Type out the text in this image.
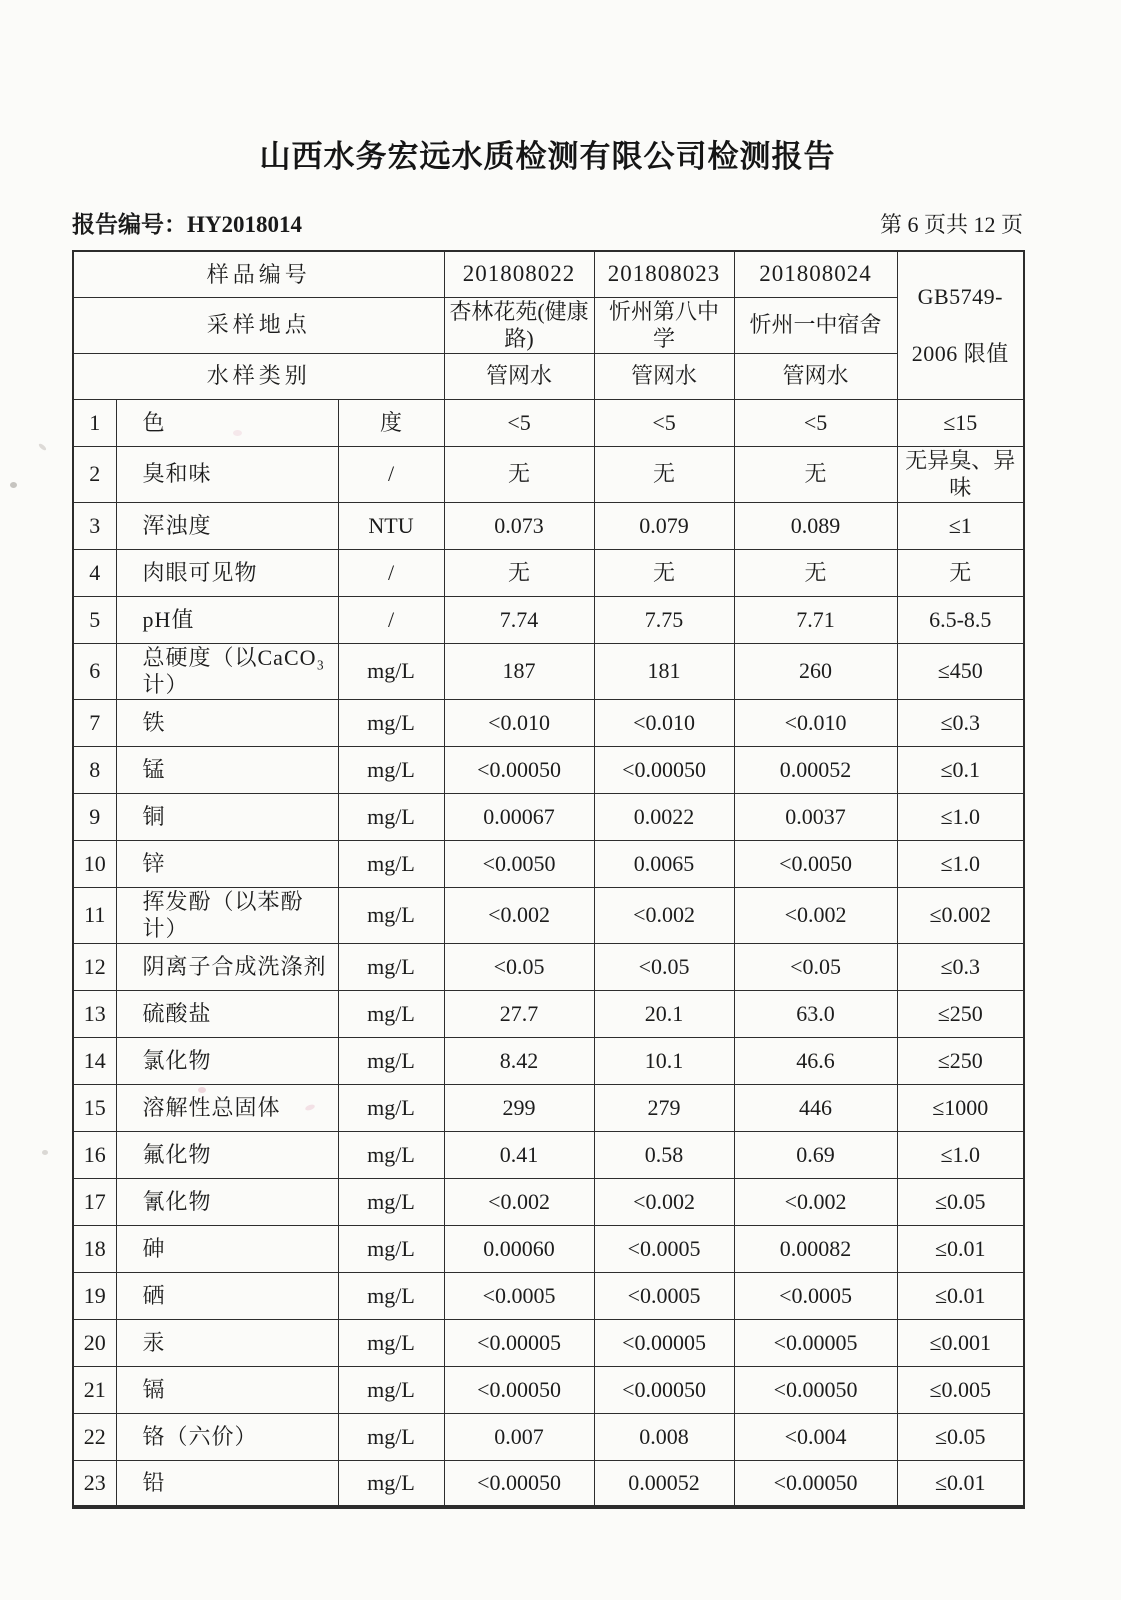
山西水务宏远水质检测有限公司检测报告
报告编号：HY2018014	第 6 页共 12 页
样品编号			201808022	201808023	201808024	GB5749-
2006 限值

采样地点			杏林花苑(健康路)	忻州第八中学	忻州一中宿舍	
水样类别			管网水	管网水	管网水	
1	色	度	<5	<5	<5	≤15
2	臭和味	/	无	无	无	无异臭、异味
3	浑浊度	NTU	0.073	0.079	0.089	≤1
4	肉眼可见物	/	无	无	无	无
5	pH值	/	7.74	7.75	7.71	6.5-8.5
6	总硬度（以CaCO₃计）	mg/L	187	181	260	≤450
7	铁	mg/L	<0.010	<0.010	<0.010	≤0.3
8	锰	mg/L	<0.00050	<0.00050	0.00052	≤0.1
9	铜	mg/L	0.00067	0.0022	0.0037	≤1.0
10	锌	mg/L	<0.0050	0.0065	<0.0050	≤1.0
11	挥发酚（以苯酚计）	mg/L	<0.002	<0.002	<0.002	≤0.002
12	阴离子合成洗涤剂	mg/L	<0.05	<0.05	<0.05	≤0.3
13	硫酸盐	mg/L	27.7	20.1	63.0	≤250
14	氯化物	mg/L	8.42	10.1	46.6	≤250
15	溶解性总固体	mg/L	299	279	446	≤1000
16	氟化物	mg/L	0.41	0.58	0.69	≤1.0
17	氰化物	mg/L	<0.002	<0.002	<0.002	≤0.05
18	砷	mg/L	0.00060	<0.0005	0.00082	≤0.01
19	硒	mg/L	<0.0005	<0.0005	<0.0005	≤0.01
20	汞	mg/L	<0.00005	<0.00005	<0.00005	≤0.001
21	镉	mg/L	<0.00050	<0.00050	<0.00050	≤0.005
22	铬（六价）	mg/L	0.007	0.008	<0.004	≤0.05
23	铅	mg/L	<0.00050	0.00052	<0.00050	≤0.01
